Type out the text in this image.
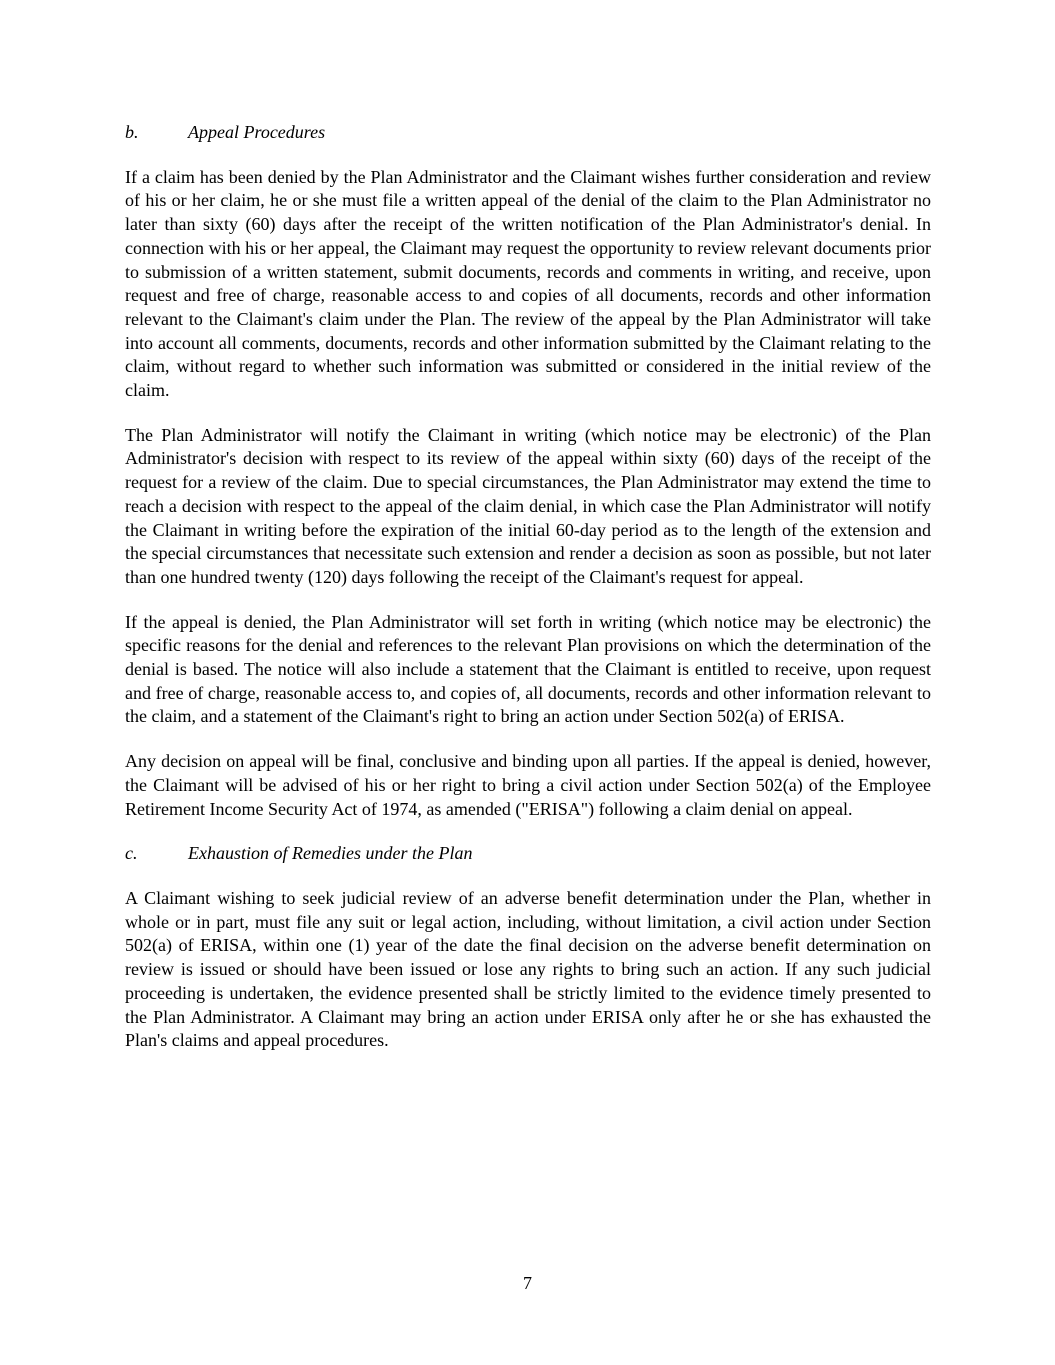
b.	Appeal Procedures

If a claim has been denied by the Plan Administrator and the Claimant wishes further consideration and review of his or her claim, he or she must file a written appeal of the denial of the claim to the Plan Administrator no later than sixty (60) days after the receipt of the written notification of the Plan Administrator's denial. In connection with his or her appeal, the Claimant may request the opportunity to review relevant documents prior to submission of a written statement, submit documents, records and comments in writing, and receive, upon request and free of charge, reasonable access to and copies of all documents, records and other information relevant to the Claimant's claim under the Plan. The review of the appeal by the Plan Administrator will take into account all comments, documents, records and other information submitted by the Claimant relating to the claim, without regard to whether such information was submitted or considered in the initial review of the claim.

The Plan Administrator will notify the Claimant in writing (which notice may be electronic) of the Plan Administrator's decision with respect to its review of the appeal within sixty (60) days of the receipt of the request for a review of the claim. Due to special circumstances, the Plan Administrator may extend the time to reach a decision with respect to the appeal of the claim denial, in which case the Plan Administrator will notify the Claimant in writing before the expiration of the initial 60-day period as to the length of the extension and the special circumstances that necessitate such extension and render a decision as soon as possible, but not later than one hundred twenty (120) days following the receipt of the Claimant's request for appeal.

If the appeal is denied, the Plan Administrator will set forth in writing (which notice may be electronic) the specific reasons for the denial and references to the relevant Plan provisions on which the determination of the denial is based. The notice will also include a statement that the Claimant is entitled to receive, upon request and free of charge, reasonable access to, and copies of, all documents, records and other information relevant to the claim, and a statement of the Claimant's right to bring an action under Section 502(a) of ERISA.

Any decision on appeal will be final, conclusive and binding upon all parties. If the appeal is denied, however, the Claimant will be advised of his or her right to bring a civil action under Section 502(a) of the Employee Retirement Income Security Act of 1974, as amended ("ERISA") following a claim denial on appeal.

c.	Exhaustion of Remedies under the Plan

A Claimant wishing to seek judicial review of an adverse benefit determination under the Plan, whether in whole or in part, must file any suit or legal action, including, without limitation, a civil action under Section 502(a) of ERISA, within one (1) year of the date the final decision on the adverse benefit determination on review is issued or should have been issued or lose any rights to bring such an action. If any such judicial proceeding is undertaken, the evidence presented shall be strictly limited to the evidence timely presented to the Plan Administrator. A Claimant may bring an action under ERISA only after he or she has exhausted the Plan's claims and appeal procedures.

7
